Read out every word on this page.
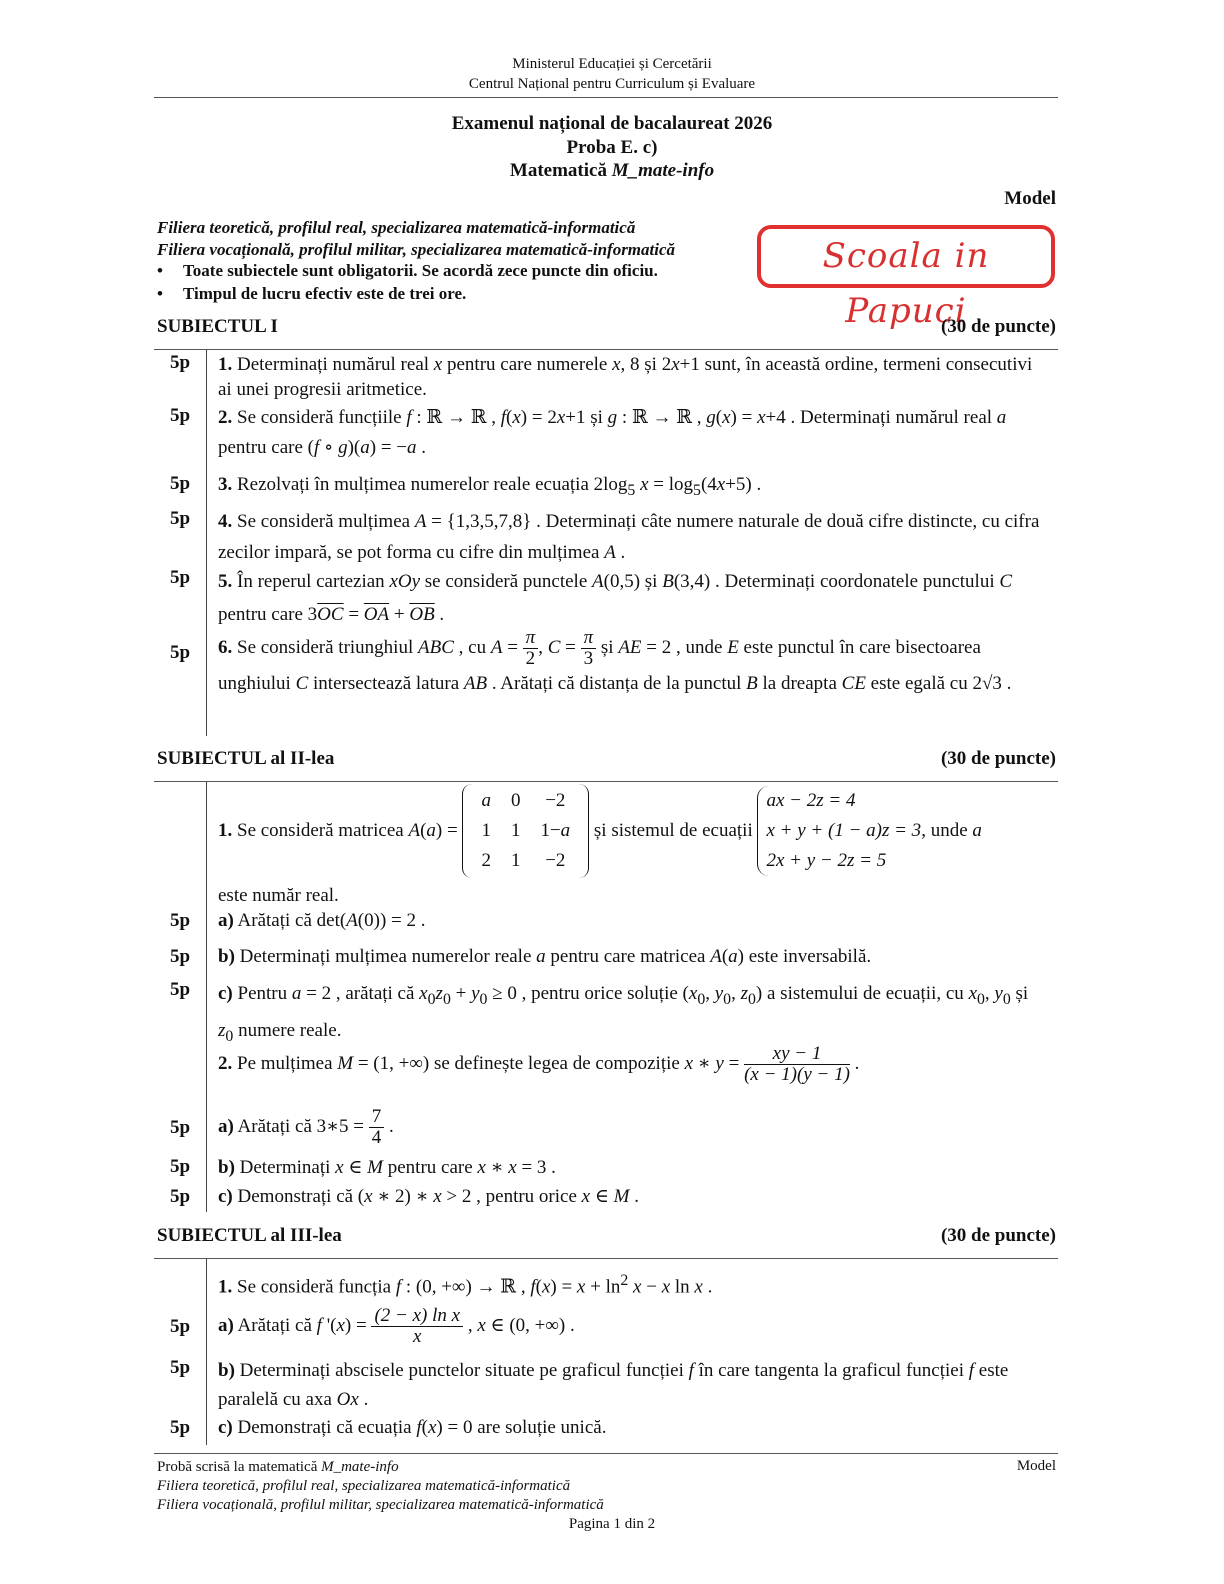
Ministerul Educației și Cercetării
Centrul Național pentru Curriculum și Evaluare
Examenul național de bacalaureat 2026
Proba E. c)
Matematică M_mate-info
Model
Filiera teoretică, profilul real, specializarea matematică-informatică
Filiera vocațională, profilul militar, specializarea matematică-informatică
• Toate subiectele sunt obligatorii. Se acordă zece puncte din oficiu.
• Timpul de lucru efectiv este de trei ore.
Scoala in Papuci
SUBIECTUL I	(30 de puncte)
5p	1. Determinați numărul real x pentru care numerele x, 8 și 2x+1 sunt, în această ordine, termeni consecutivi ai unei progresii aritmetice.
5p	2. Se consideră funcțiile f : ℝ → ℝ , f(x) = 2x+1 și g : ℝ → ℝ , g(x) = x+4 . Determinați numărul real a pentru care (f ∘ g)(a) = −a .
5p	3. Rezolvați în mulțimea numerelor reale ecuația $2\log_5$ $x = \log_5(4x+5)$ .
5p	4. Se consideră mulțimea A = {1,3,5,7,8} . Determinați câte numere naturale de două cifre distincte, cu cifra zecilor impară, se pot forma cu cifre din mulțimea A .
5p	5. În reperul cartezian xOy se consideră punctele A(0,5) și B(3,4) . Determinați coordonatele punctului C pentru care $3\overline{OC} = \overline{OA} + \overline{OB}$ .
5p	6. Se consideră triunghiul ABC , cu $A = \frac{\pi}{2}$ , $C = \frac{\pi}{3}$ și AE = 2 , unde E este punctul în care bisectoarea unghiului C intersectează latura AB . Arătați că distanța de la punctul B la dreapta CE este egală cu 2√3 .
SUBIECTUL al II-lea	(30 de puncte)
1. Se consideră matricea A(a) =
a	0	−2
1	1	1−a
2	1	−2
și sistemul de ecuații
ax − 2z = 4
x + y + (1 − a)z = 3
2x + y − 2z = 5
, unde a
este număr real.
5p	a) Arătați că det(A(0)) = 2 .
5p	b) Determinați mulțimea numerelor reale a pentru care matricea A(a) este inversabilă.
5p	c) Pentru a = 2 , arătați că $x_0z_0 + y_0 \ge 0$ , pentru orice soluție ($x_0$, $y_0$, $z_0$) a sistemului de ecuații, cu $x_0$, $y_0$ și $z_0$ numere reale.
2. Pe mulțimea M = (1, +∞) se definește legea de compoziție x ∗ $y = \frac{xy - 1}{(x - 1)(y - 1)}$ .
5p	a) Arătați că 3∗5 = $\frac{7}{4}$ .
5p	b) Determinați x ∈ M pentru care x ∗ x = 3 .
5p	c) Demonstrați că (x ∗ 2) ∗ x > 2 , pentru orice x ∈ M .
SUBIECTUL al III-lea	(30 de puncte)
1. Se consideră funcția f : (0, +∞) → ℝ , $f(x) = x + \ln^2 x - x$ ln x .
5p	a) Arătați că f '$(x) = \frac{\text{(2 − x) ln x}}{x}$ , x ∈ (0, +∞) .
5p	b) Determinați abscisele punctelor situate pe graficul funcției f în care tangenta la graficul funcției f este paralelă cu axa Ox .
5p	c) Demonstrați că ecuația f(x) = 0 are soluție unică.
Probă scrisă la matematică M_mate-info	Model
Filiera teoretică, profilul real, specializarea matematică-informatică
Filiera vocațională, profilul militar, specializarea matematică-informatică
Pagina 1 din 2
